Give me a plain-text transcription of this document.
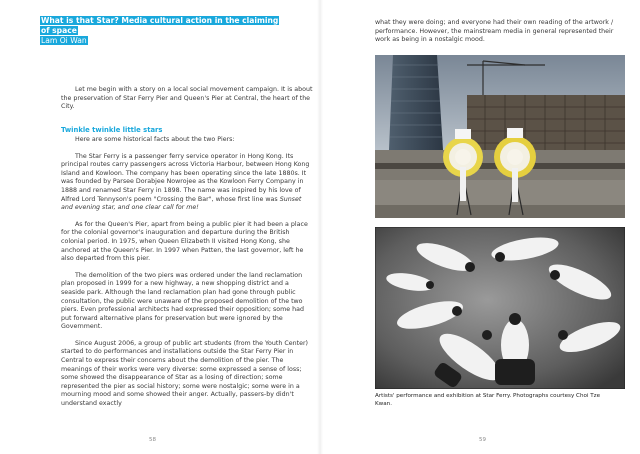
What is that Star? Media cultural action in the claiming
of space
Lam Oi Wan

Let me begin with a story on a local social movement campaign. It is about the preservation of Star Ferry Pier and Queen's Pier at Central, the heart of the City.

Twinkle twinkle little stars

Here are some historical facts about the two Piers:

The Star Ferry is a passenger ferry service operator in Hong Kong. Its principal routes carry passengers across Victoria Harbour, between Hong Kong Island and Kowloon. The company has been operating since the late 1880s. It was founded by Parsee Dorabjee Nowrojee as the Kowloon Ferry Company in 1888 and renamed Star Ferry in 1898. The name was inspired by his love of Alfred Lord Tennyson's poem "Crossing the Bar", whose first line was Sunset and evening star, and one clear call for me!

As for the Queen's Pier, apart from being a public pier it had been a place for the colonial governor's inauguration and departure during the British colonial period. In 1975, when Queen Elizabeth II visited Hong Kong, she anchored at the Queen's Pier. In 1997 when Patten, the last governor, left he also departed from this pier.

The demolition of the two piers was ordered under the land reclamation plan proposed in 1999 for a new highway, a new shopping district and a seaside park. Although the land reclamation plan had gone through public consultation, the public were unaware of the proposed demolition of the two piers. Even professional architects had expressed their opposition; some had put forward alternative plans for preservation but were ignored by the Government.

Since August 2006, a group of public art students (from the Youth Center) started to do performances and installations outside the Star Ferry Pier in Central to express their concerns about the demolition of the pier. The meanings of their works were very diverse: some expressed a sense of loss; some showed the disappearance of Star as a losing of direction; some represented the pier as social history; some were nostalgic; some were in a mourning mood and some showed their anger. Actually, passers-by didn't understand exactly

58
what they were doing; and everyone had their own reading of the artwork / performance. However, the mainstream media in general represented their work as being in a nostalgic mood.
Artists' performance and exhibition at Star Ferry. Photographs courtesy Choi Tze Kwan.
59
